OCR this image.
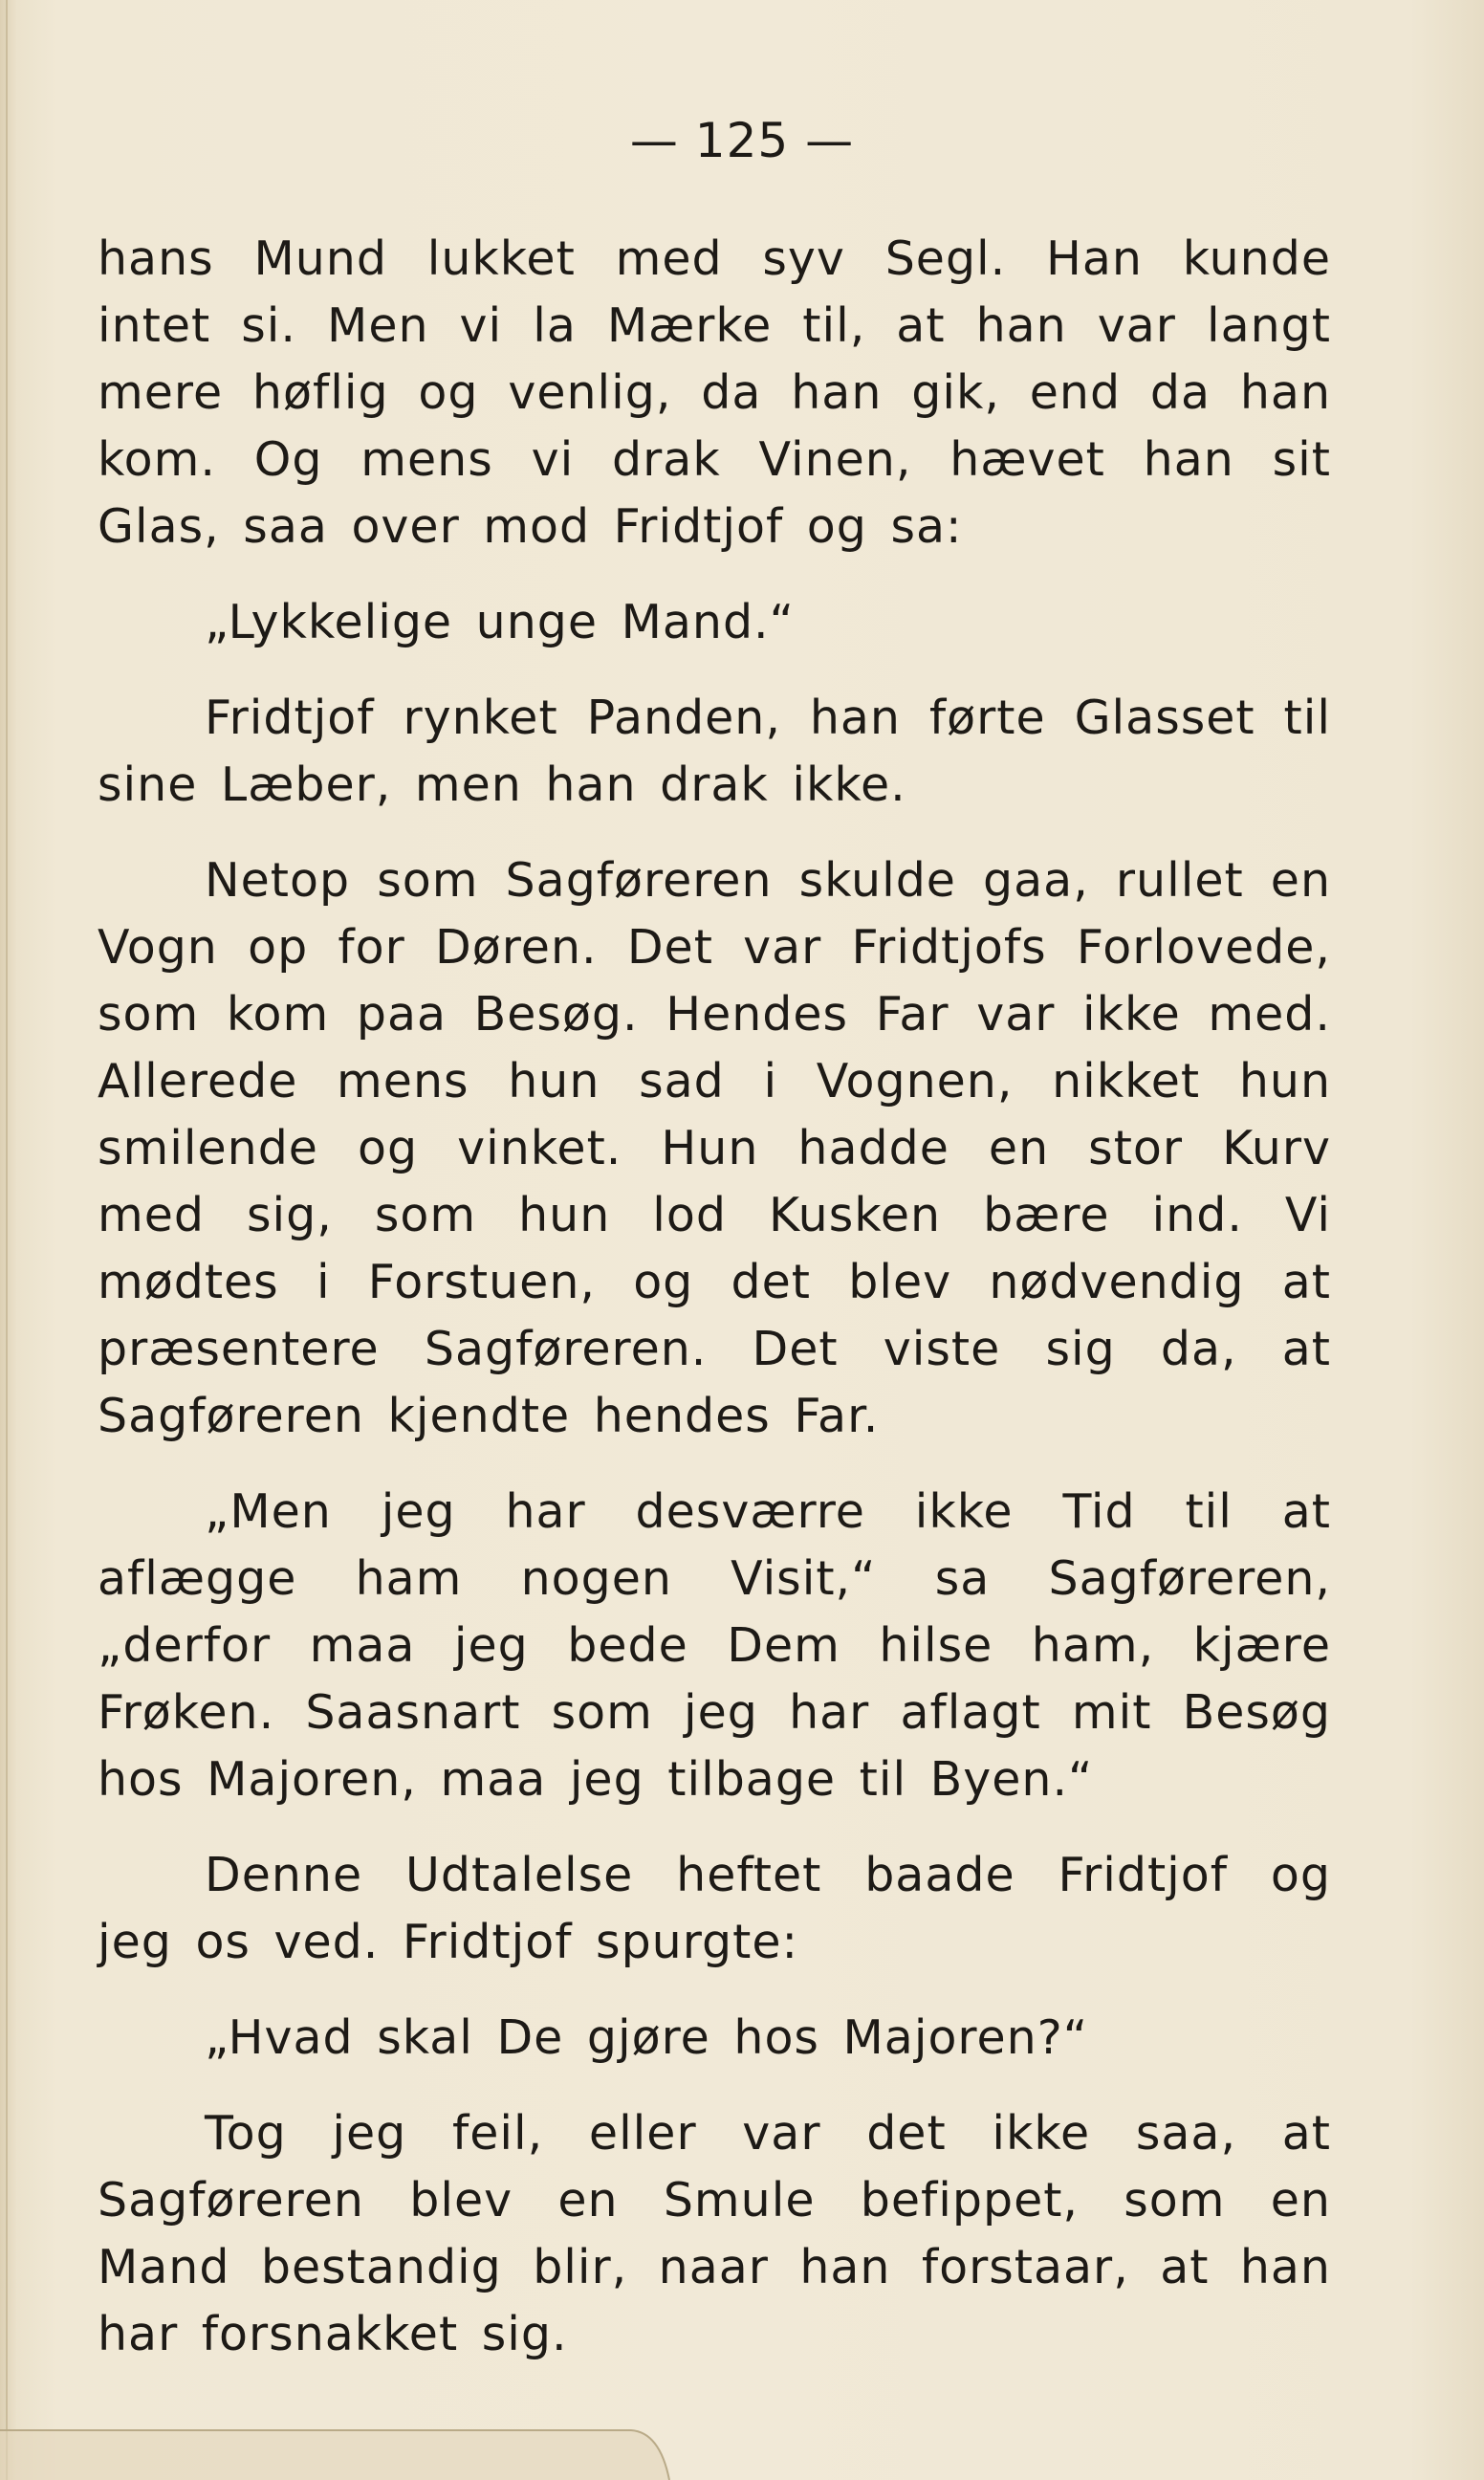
— 125 —

hans Mund lukket med syv Segl. Han kunde intet si. Men vi la Mærke til, at han var langt mere høflig og venlig, da han gik, end da han kom. Og mens vi drak Vinen, hævet han sit Glas, saa over mod Fridtjof og sa:

„Lykkelige unge Mand.“

Fridtjof rynket Panden, han førte Glasset til sine Læber, men han drak ikke.

Netop som Sagføreren skulde gaa, rullet en Vogn op for Døren. Det var Fridtjofs Forlovede, som kom paa Besøg. Hendes Far var ikke med. Allerede mens hun sad i Vognen, nikket hun smilende og vinket. Hun hadde en stor Kurv med sig, som hun lod Kusken bære ind. Vi mødtes i Forstuen, og det blev nødvendig at præsentere Sagføreren. Det viste sig da, at Sagføreren kjendte hendes Far.

„Men jeg har desværre ikke Tid til at aflægge ham nogen Visit,“ sa Sagføreren, „derfor maa jeg bede Dem hilse ham, kjære Frøken. Saasnart som jeg har aflagt mit Besøg hos Majoren, maa jeg tilbage til Byen.“

Denne Udtalelse heftet baade Fridtjof og jeg os ved. Fridtjof spurgte:

„Hvad skal De gjøre hos Majoren?“

Tog jeg feil, eller var det ikke saa, at Sagføreren blev en Smule befippet, som en Mand bestandig blir, naar han forstaar, at han har forsnakket sig.
